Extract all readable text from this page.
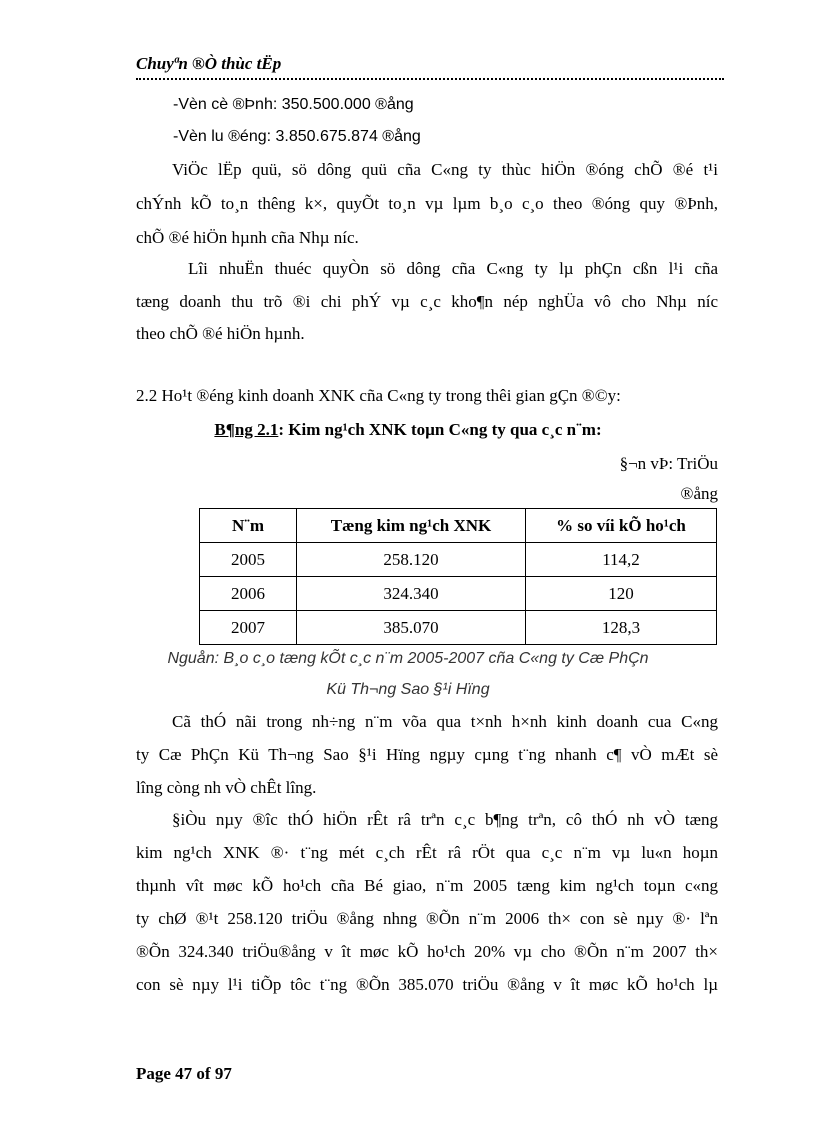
Chuyªn ®Ò thùc tËp
-Vèn cè ®Þnh: 350.500.000 ®ång
-Vèn lu ®éng: 3.850.675.874 ®ång
ViÖc lËp quü, sö dông quü cña C«ng ty thùc hiÖn ®óng chÕ ®é t¹i
chÝnh kÕ to¸n thêng k×, quyÕt to¸n vµ lµm b¸o c¸o theo ®óng quy ®Þnh,
chÕ ®é hiÖn hµnh cña Nhµ níc.
Lîi nhuËn thuéc quyÒn sö dông cña C«ng ty lµ phÇn cßn l¹i cña
tæng doanh thu trõ ®i chi phÝ vµ c¸c kho¶n nép nghÜa vô cho Nhµ níc
theo chÕ ®é hiÖn hµnh.
2.2 Ho¹t ®éng kinh doanh XNK cña C«ng ty trong thêi gian gÇn ®©y:
B¶ng 2.1: Kim ng¹ch XNK toµn C«ng ty qua c¸c n¨m:
§¬n vÞ: TriÖu
®ång
N¨m	Tæng kim ng¹ch XNK	% so víi kÕ ho¹ch
2005	258.120	114,2
2006	324.340	120
2007	385.070	128,3
Nguån: B¸o c¸o tæng kÕt c¸c n¨m 2005-2007 cña C«ng ty Cæ PhÇn
Kü Th¬ng Sao §¹i Hïng
Cã thÓ nãi trong nh÷ng n¨m võa qua t×nh h×nh kinh doanh cua C«ng
ty Cæ PhÇn Kü Th¬ng Sao §¹i Hïng ngµy cµng t¨ng nhanh c¶ vÒ mÆt sè
lîng còng nh vÒ chÊt lîng.
§iÒu nµy ®îc thÓ hiÖn rÊt râ trªn c¸c b¶ng trªn, cô thÓ nh vÒ tæng
kim ng¹ch XNK ®· t¨ng mét c¸ch rÊt râ rÖt qua c¸c n¨m vµ lu«n hoµn
thµnh vît møc kÕ ho¹ch cña Bé giao, n¨m 2005 tæng kim ng¹ch toµn c«ng
ty chØ ®¹t 258.120 triÖu ®ång nhng ®Õn n¨m 2006 th× con sè nµy ®· lªn
®Õn 324.340 triÖu®ång v ît møc kÕ ho¹ch 20% vµ cho ®Õn n¨m 2007 th×
con sè nµy l¹i tiÕp tôc t¨ng ®Õn 385.070 triÖu ®ång v ît møc kÕ ho¹ch lµ
Page 47 of 97
